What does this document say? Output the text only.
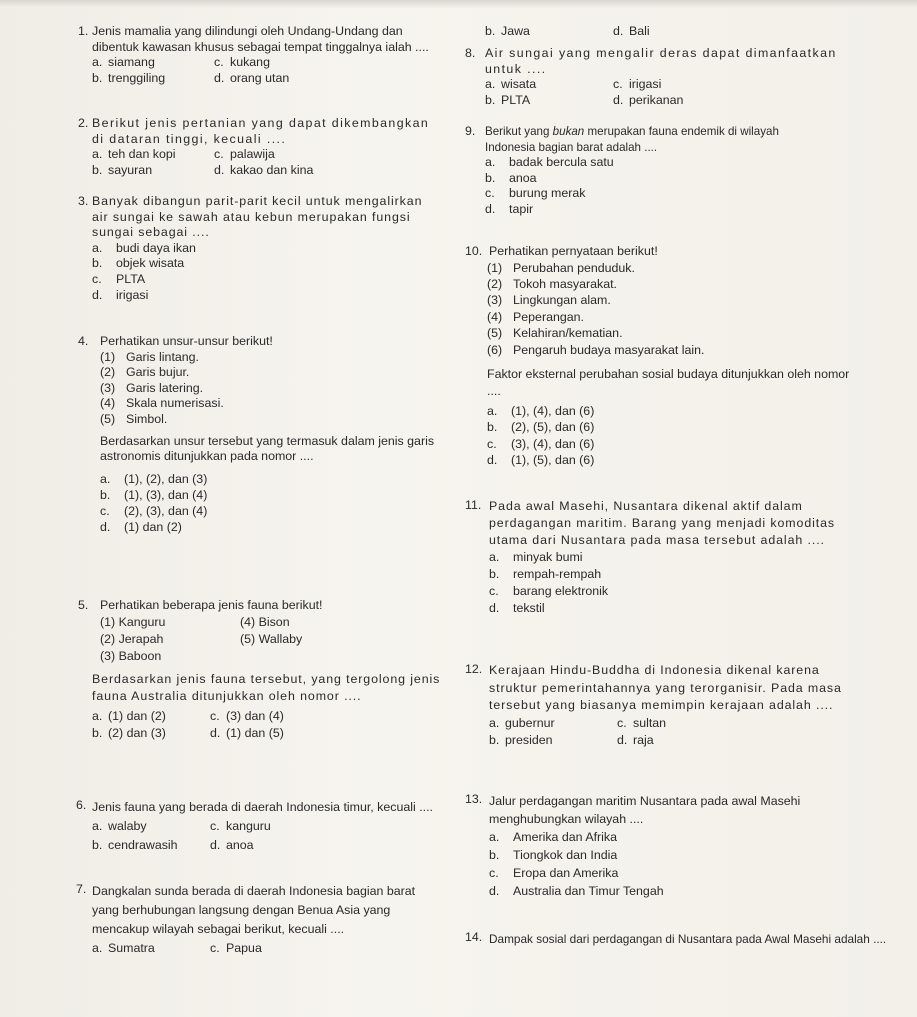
1. Jenis mamalia yang dilindungi oleh Undang-Undang dan dibentuk kawasan khusus sebagai tempat tinggalnya ialah ....
a. siamang	c. kukang
b. trenggiling	d. orang utan
2. Berikut jenis pertanian yang dapat dikembangkan di dataran tinggi, kecuali ....
a. teh dan kopi	c. palawija
b. sayuran	d. kakao dan kina
3. Banyak dibangun parit-parit kecil untuk mengalirkan air sungai ke sawah atau kebun merupakan fungsi sungai sebagai ....
a.	budi daya ikan
b.	objek wisata
c.	PLTA
d.	irigasi
4. Perhatikan unsur-unsur berikut!
(1) Garis lintang.
(2) Garis bujur.
(3) Garis latering.
(4) Skala numerisasi.
(5) Simbol.
Berdasarkan unsur tersebut yang termasuk dalam jenis garis astronomis ditunjukkan pada nomor ....
a.	(1), (2), dan (3)
b.	(1), (3), dan (4)
c.	(2), (3), dan (4)
d.	(1) dan (2)
5. Perhatikan beberapa jenis fauna berikut!
(1) Kanguru	(4) Bison
(2) Jerapah	(5) Wallaby
(3) Baboon
Berdasarkan jenis fauna tersebut, yang tergolong jenis fauna Australia ditunjukkan oleh nomor ....
a. (1) dan (2)	c. (3) dan (4)
b. (2) dan (3)	d. (1) dan (5)
6. Jenis fauna yang berada di daerah Indonesia timur, kecuali ....
a. walaby	c. kanguru
b. cendrawasih	d. anoa
7. Dangkalan sunda berada di daerah Indonesia bagian barat yang berhubungan langsung dengan Benua Asia yang mencakup wilayah sebagai berikut, kecuali ....
a. Sumatra	c. Papua
b. Jawa	d. Bali
8. Air sungai yang mengalir deras dapat dimanfaatkan untuk ....
a. wisata	c. irigasi
b. PLTA	d. perikanan
9. Berikut yang bukan merupakan fauna endemik di wilayah Indonesia bagian barat adalah ....
a.	badak bercula satu
b.	anoa
c.	burung merak
d.	tapir
10. Perhatikan pernyataan berikut!
(1) Perubahan penduduk.
(2) Tokoh masyarakat.
(3) Lingkungan alam.
(4) Peperangan.
(5) Kelahiran/kematian.
(6) Pengaruh budaya masyarakat lain.
Faktor eksternal perubahan sosial budaya ditunjukkan oleh nomor ....
a.	(1), (4), dan (6)
b.	(2), (5), dan (6)
c.	(3), (4), dan (6)
d.	(1), (5), dan (6)
11. Pada awal Masehi, Nusantara dikenal aktif dalam perdagangan maritim. Barang yang menjadi komoditas utama dari Nusantara pada masa tersebut adalah ....
a.	minyak bumi
b.	rempah-rempah
c.	barang elektronik
d.	tekstil
12. Kerajaan Hindu-Buddha di Indonesia dikenal karena struktur pemerintahannya yang terorganisir. Pada masa tersebut yang biasanya memimpin kerajaan adalah ....
a. gubernur	c. sultan
b. presiden	d. raja
13. Jalur perdagangan maritim Nusantara pada awal Masehi menghubungkan wilayah ....
a.	Amerika dan Afrika
b.	Tiongkok dan India
c.	Eropa dan Amerika
d.	Australia dan Timur Tengah
14. Dampak sosial dari perdagangan di Nusantara pada Awal Masehi adalah ....
